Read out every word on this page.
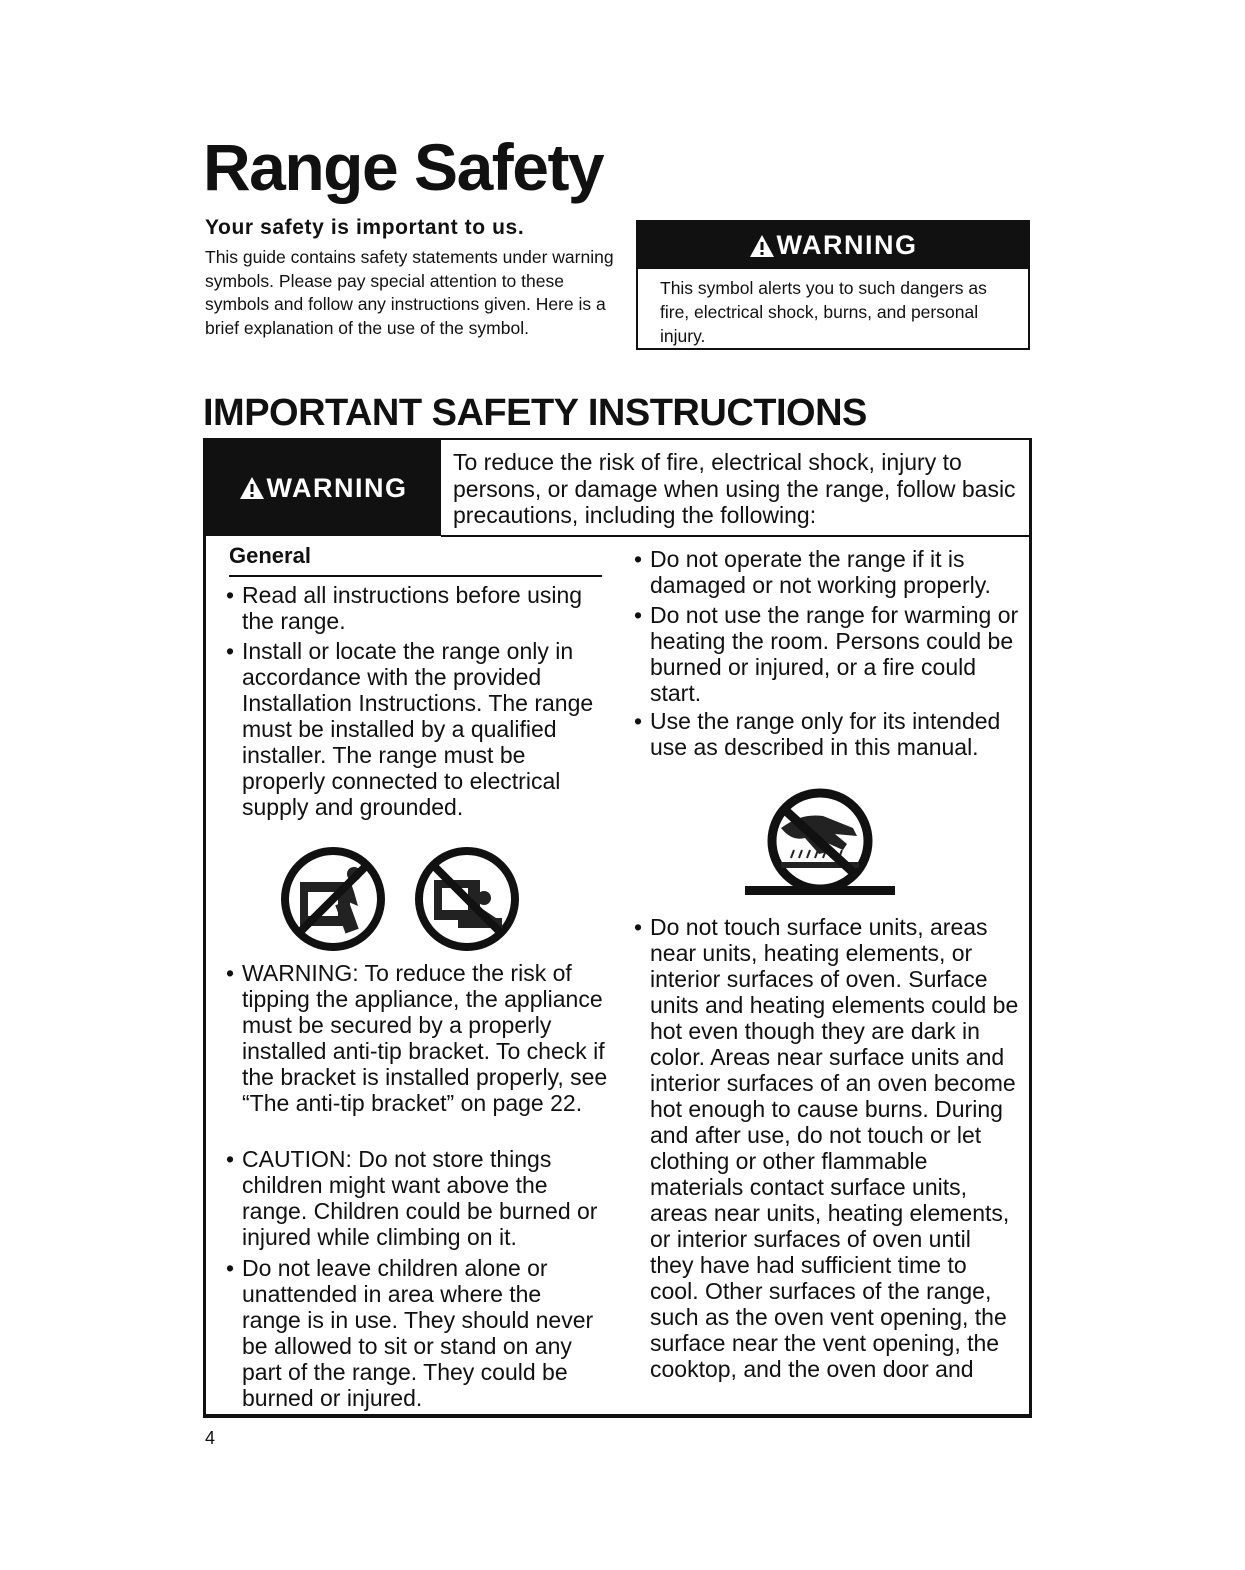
Range Safety
Your safety is important to us.

This guide contains safety statements under warning symbols. Please pay special attention to these symbols and follow any instructions given. Here is a brief explanation of the use of the symbol.

WARNING

This symbol alerts you to such dangers as fire, electrical shock, burns, and personal injury.

IMPORTANT SAFETY INSTRUCTIONS
WARNING

To reduce the risk of fire, electrical shock, injury to persons, or damage when using the range, follow basic precautions, including the following:

General

• Read all instructions before using the range.

• Install or locate the range only in accordance with the provided Installation Instructions. The range must be installed by a qualified installer. The range must be properly connected to electrical supply and grounded.

• WARNING: To reduce the risk of tipping the appliance, the appliance must be secured by a properly installed anti-tip bracket. To check if the bracket is installed properly, see “The anti-tip bracket” on page 22.

• CAUTION: Do not store things children might want above the range. Children could be burned or injured while climbing on it.

• Do not leave children alone or unattended in area where the range is in use. They should never be allowed to sit or stand on any part of the range. They could be burned or injured.

• Do not operate the range if it is damaged or not working properly.

• Do not use the range for warming or heating the room. Persons could be burned or injured, or a fire could start.

• Use the range only for its intended use as described in this manual.

• Do not touch surface units, areas near units, heating elements, or interior surfaces of oven. Surface units and heating elements could be hot even though they are dark in color. Areas near surface units and interior surfaces of an oven become hot enough to cause burns. During and after use, do not touch or let clothing or other flammable materials contact surface units, areas near units, heating elements, or interior surfaces of oven until they have had sufficient time to cool. Other surfaces of the range, such as the oven vent opening, the surface near the vent opening, the cooktop, and the oven door and

4
